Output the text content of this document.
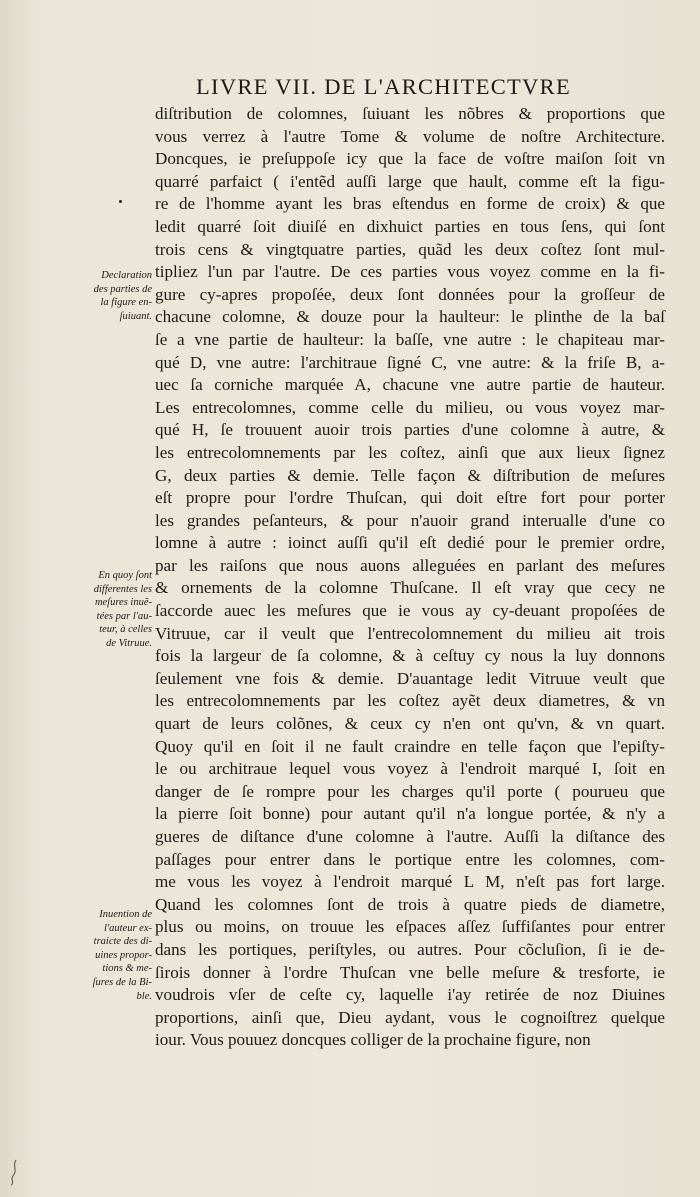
LIVRE VII. DE L'ARCHITECTVRE
diſtribution de colomnes, ſuiuant les nõbres & proportions que
vous verrez à l'autre Tome & volume de noſtre Architecture.
Doncques, ie preſuppoſe icy que la face de voſtre maiſon ſoit vn
quarré parfaict ( i'entẽd auſſi large que hault, comme eſt la figu-
re de l'homme ayant les bras eſtendus en forme de croix) & que
ledit quarré ſoit diuiſé en dixhuict parties en tous ſens, qui ſont
trois cens & vingtquatre parties, quãd les deux coſtez ſont mul-
tipliez l'un par l'autre. De ces parties vous voyez comme en la fi-
gure cy-apres propoſée, deux ſont données pour la groſſeur de
chacune colomne, & douze pour la haulteur: le plinthe de la baſ
ſe a vne partie de haulteur: la baſſe, vne autre : le chapiteau mar-
qué D, vne autre: l'architraue ſigné C, vne autre: & la friſe B, a-
uec ſa corniche marquée A, chacune vne autre partie de hauteur.
Les entrecolomnes, comme celle du milieu, ou vous voyez mar-
qué H, ſe trouuent auoir trois parties d'une colomne à autre, &
les entrecolomnements par les coſtez, ainſi que aux lieux ſignez
G, deux parties & demie. Telle façon & diſtribution de meſures
eſt propre pour l'ordre Thuſcan, qui doit eſtre fort pour porter
les grandes peſanteurs, & pour n'auoir grand interualle d'une co
lomne à autre : ioinct auſſi qu'il eſt dedié pour le premier ordre,
par les raiſons que nous auons alleguées en parlant des meſures
& ornements de la colomne Thuſcane. Il eſt vray que cecy ne
ſaccorde auec les meſures que ie vous ay cy-deuant propoſées de
Vitruue, car il veult que l'entrecolomnement du milieu ait trois
fois la largeur de ſa colomne, & à ceſtuy cy nous la luy donnons
ſeulement vne fois & demie. D'auantage ledit Vitruue veult que
les entrecolomnements par les coſtez ayẽt deux diametres, & vn
quart de leurs colõnes, & ceux cy n'en ont qu'vn, & vn quart.
Quoy qu'il en ſoit il ne fault craindre en telle façon que l'epiſty-
le ou architraue lequel vous voyez à l'endroit marqué I, ſoit en
danger de ſe rompre pour les charges qu'il porte ( pourueu que
la pierre ſoit bonne) pour autant qu'il n'a longue portée, & n'y a
gueres de diſtance d'une colomne à l'autre. Auſſi la diſtance des
paſſages pour entrer dans le portique entre les colomnes, com-
me vous les voyez à l'endroit marqué L M, n'eſt pas fort large.
Quand les colomnes ſont de trois à quatre pieds de diametre,
plus ou moins, on trouue les eſpaces aſſez ſuffiſantes pour entrer
dans les portiques, periſtyles, ou autres. Pour cõcluſion, ſi ie de-
ſirois donner à l'ordre Thuſcan vne belle meſure & tresforte, ie
voudrois vſer de ceſte cy, laquelle i'ay retirée de noz Diuines
proportions, ainſi que, Dieu aydant, vous le cognoiſtrez quelque
iour. Vous pouuez doncques colliger de la prochaine figure, non
Declaration
des parties de
la figure en-
ſuiuant.
En quoy ſont
differentes les
meſures inuẽ-
tées par l'au-
teur, à celles
de Vitruue.
Inuention de
l'auteur ex-
traicte des di-
uines propor-
tions & me-
ſures de la Bi-
ble.
